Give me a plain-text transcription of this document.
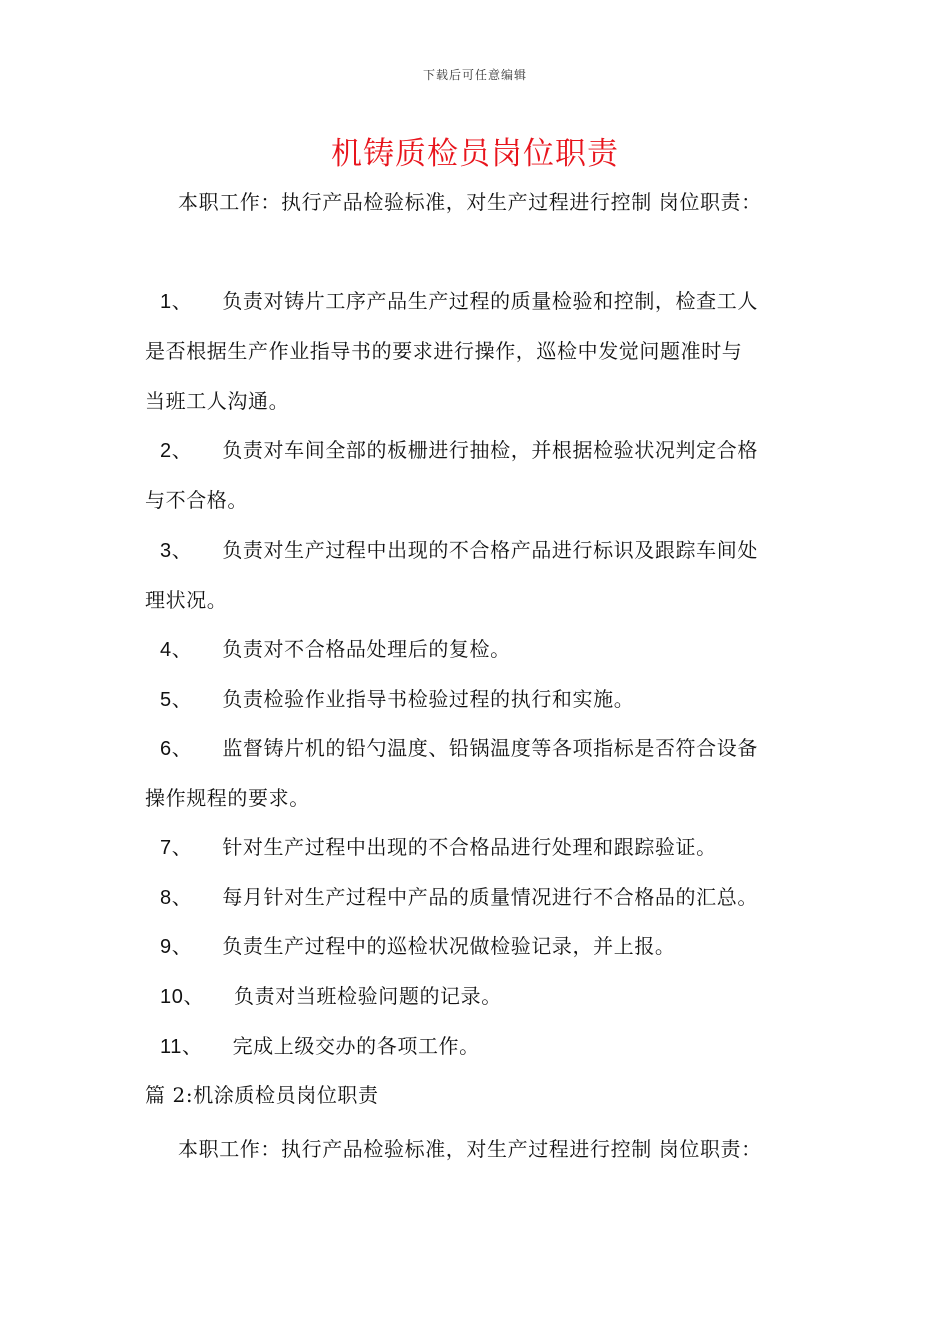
下载后可任意编辑
机铸质检员岗位职责
本职工作：执行产品检验标准，对生产过程进行控制 岗位职责：
1、 负责对铸片工序产品生产过程的质量检验和控制，检查工人
是否根据生产作业指导书的要求进行操作，巡检中发觉问题准时与
当班工人沟通。
2、 负责对车间全部的板栅进行抽检，并根据检验状况判定合格
与不合格。
3、 负责对生产过程中出现的不合格产品进行标识及跟踪车间处
理状况。
4、 负责对不合格品处理后的复检。
5、 负责检验作业指导书检验过程的执行和实施。
6、 监督铸片机的铅勺温度、铅锅温度等各项指标是否符合设备
操作规程的要求。
7、 针对生产过程中出现的不合格品进行处理和跟踪验证。
8、 每月针对生产过程中产品的质量情况进行不合格品的汇总。
9、 负责生产过程中的巡检状况做检验记录，并上报。
10、 负责对当班检验问题的记录。
11、 完成上级交办的各项工作。
篇 2:机涂质检员岗位职责
本职工作：执行产品检验标准，对生产过程进行控制 岗位职责：
